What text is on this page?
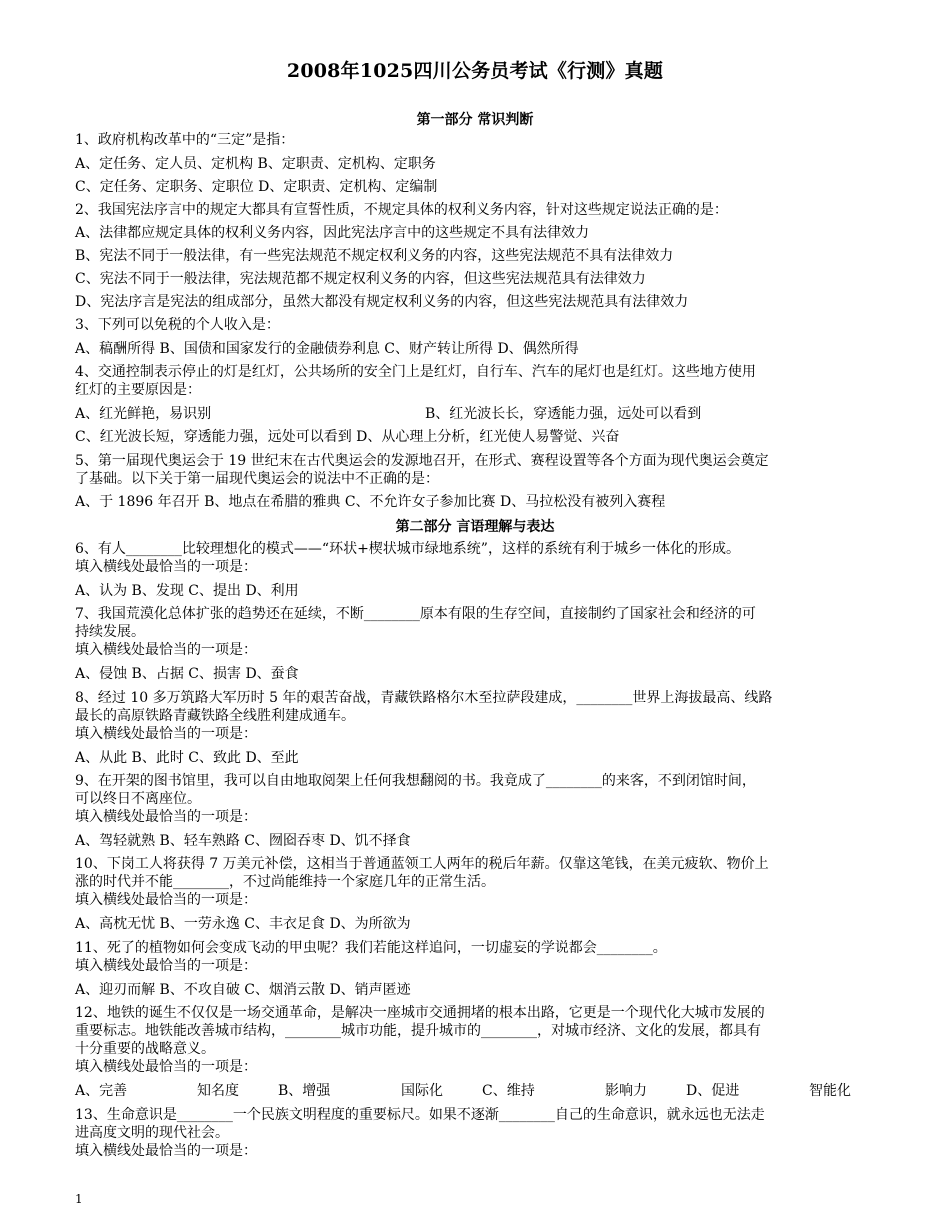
2008年1025四川公务员考试《行测》真题
第一部分 常识判断
1、政府机构改革中的“三定”是指：
A、定任务、定人员、定机构 B、定职责、定机构、定职务
C、定任务、定职务、定职位 D、定职责、定机构、定编制
2、我国宪法序言中的规定大都具有宣誓性质，不规定具体的权利义务内容，针对这些规定说法正确的是：
A、法律都应规定具体的权利义务内容，因此宪法序言中的这些规定不具有法律效力
B、宪法不同于一般法律，有一些宪法规范不规定权利义务的内容，这些宪法规范不具有法律效力
C、宪法不同于一般法律，宪法规范都不规定权利义务的内容，但这些宪法规范具有法律效力
D、宪法序言是宪法的组成部分，虽然大都没有规定权利义务的内容，但这些宪法规范具有法律效力
3、下列可以免税的个人收入是：
A、稿酬所得 B、国债和国家发行的金融债券利息 C、财产转让所得 D、偶然所得
4、交通控制表示停止的灯是红灯，公共场所的安全门上是红灯，自行车、汽车的尾灯也是红灯。这些地方使用
红灯的主要原因是：
A、红光鲜艳，易识别	B、红光波长长，穿透能力强，远处可以看到
C、红光波长短，穿透能力强，远处可以看到 D、从心理上分析，红光使人易警觉、兴奋
5、第一届现代奥运会于 19 世纪末在古代奥运会的发源地召开，在形式、赛程设置等各个方面为现代奥运会奠定
了基础。以下关于第一届现代奥运会的说法中不正确的是：
A、于 1896 年召开 B、地点在希腊的雅典 C、不允许女子参加比赛 D、马拉松没有被列入赛程
第二部分 言语理解与表达
6、有人________比较理想化的模式——“环状+楔状城市绿地系统”，这样的系统有利于城乡一体化的形成。
填入横线处最恰当的一项是：
A、认为 B、发现 C、提出 D、利用
7、我国荒漠化总体扩张的趋势还在延续，不断________原本有限的生存空间，直接制约了国家社会和经济的可
持续发展。
填入横线处最恰当的一项是：
A、侵蚀 B、占据 C、损害 D、蚕食
8、经过 10 多万筑路大军历时 5 年的艰苦奋战，青藏铁路格尔木至拉萨段建成，________世界上海拔最高、线路
最长的高原铁路青藏铁路全线胜利建成通车。
填入横线处最恰当的一项是：
A、从此 B、此时 C、致此 D、至此
9、在开架的图书馆里，我可以自由地取阅架上任何我想翻阅的书。我竟成了________的来客，不到闭馆时间，
可以终日不离座位。
填入横线处最恰当的一项是：
A、驾轻就熟 B、轻车熟路 C、囫囵吞枣 D、饥不择食
10、下岗工人将获得 7 万美元补偿，这相当于普通蓝领工人两年的税后年薪。仅靠这笔钱，在美元疲软、物价上
涨的时代并不能________，不过尚能维持一个家庭几年的正常生活。
填入横线处最恰当的一项是：
A、高枕无忧 B、一劳永逸 C、丰衣足食 D、为所欲为
11、死了的植物如何会变成飞动的甲虫呢？我们若能这样追问，一切虚妄的学说都会________。
填入横线处最恰当的一项是：
A、迎刃而解 B、不攻自破 C、烟消云散 D、销声匿迹
12、地铁的诞生不仅仅是一场交通革命，是解决一座城市交通拥堵的根本出路，它更是一个现代化大城市发展的
重要标志。地铁能改善城市结构，________城市功能，提升城市的________，对城市经济、文化的发展，都具有
十分重要的战略意义。
填入横线处最恰当的一项是：
A、完善	知名度	B、增强	国际化	C、维持	影响力	D、促进	智能化
13、生命意识是________一个民族文明程度的重要标尺。如果不逐渐________自己的生命意识，就永远也无法走
进高度文明的现代社会。
填入横线处最恰当的一项是：
1
